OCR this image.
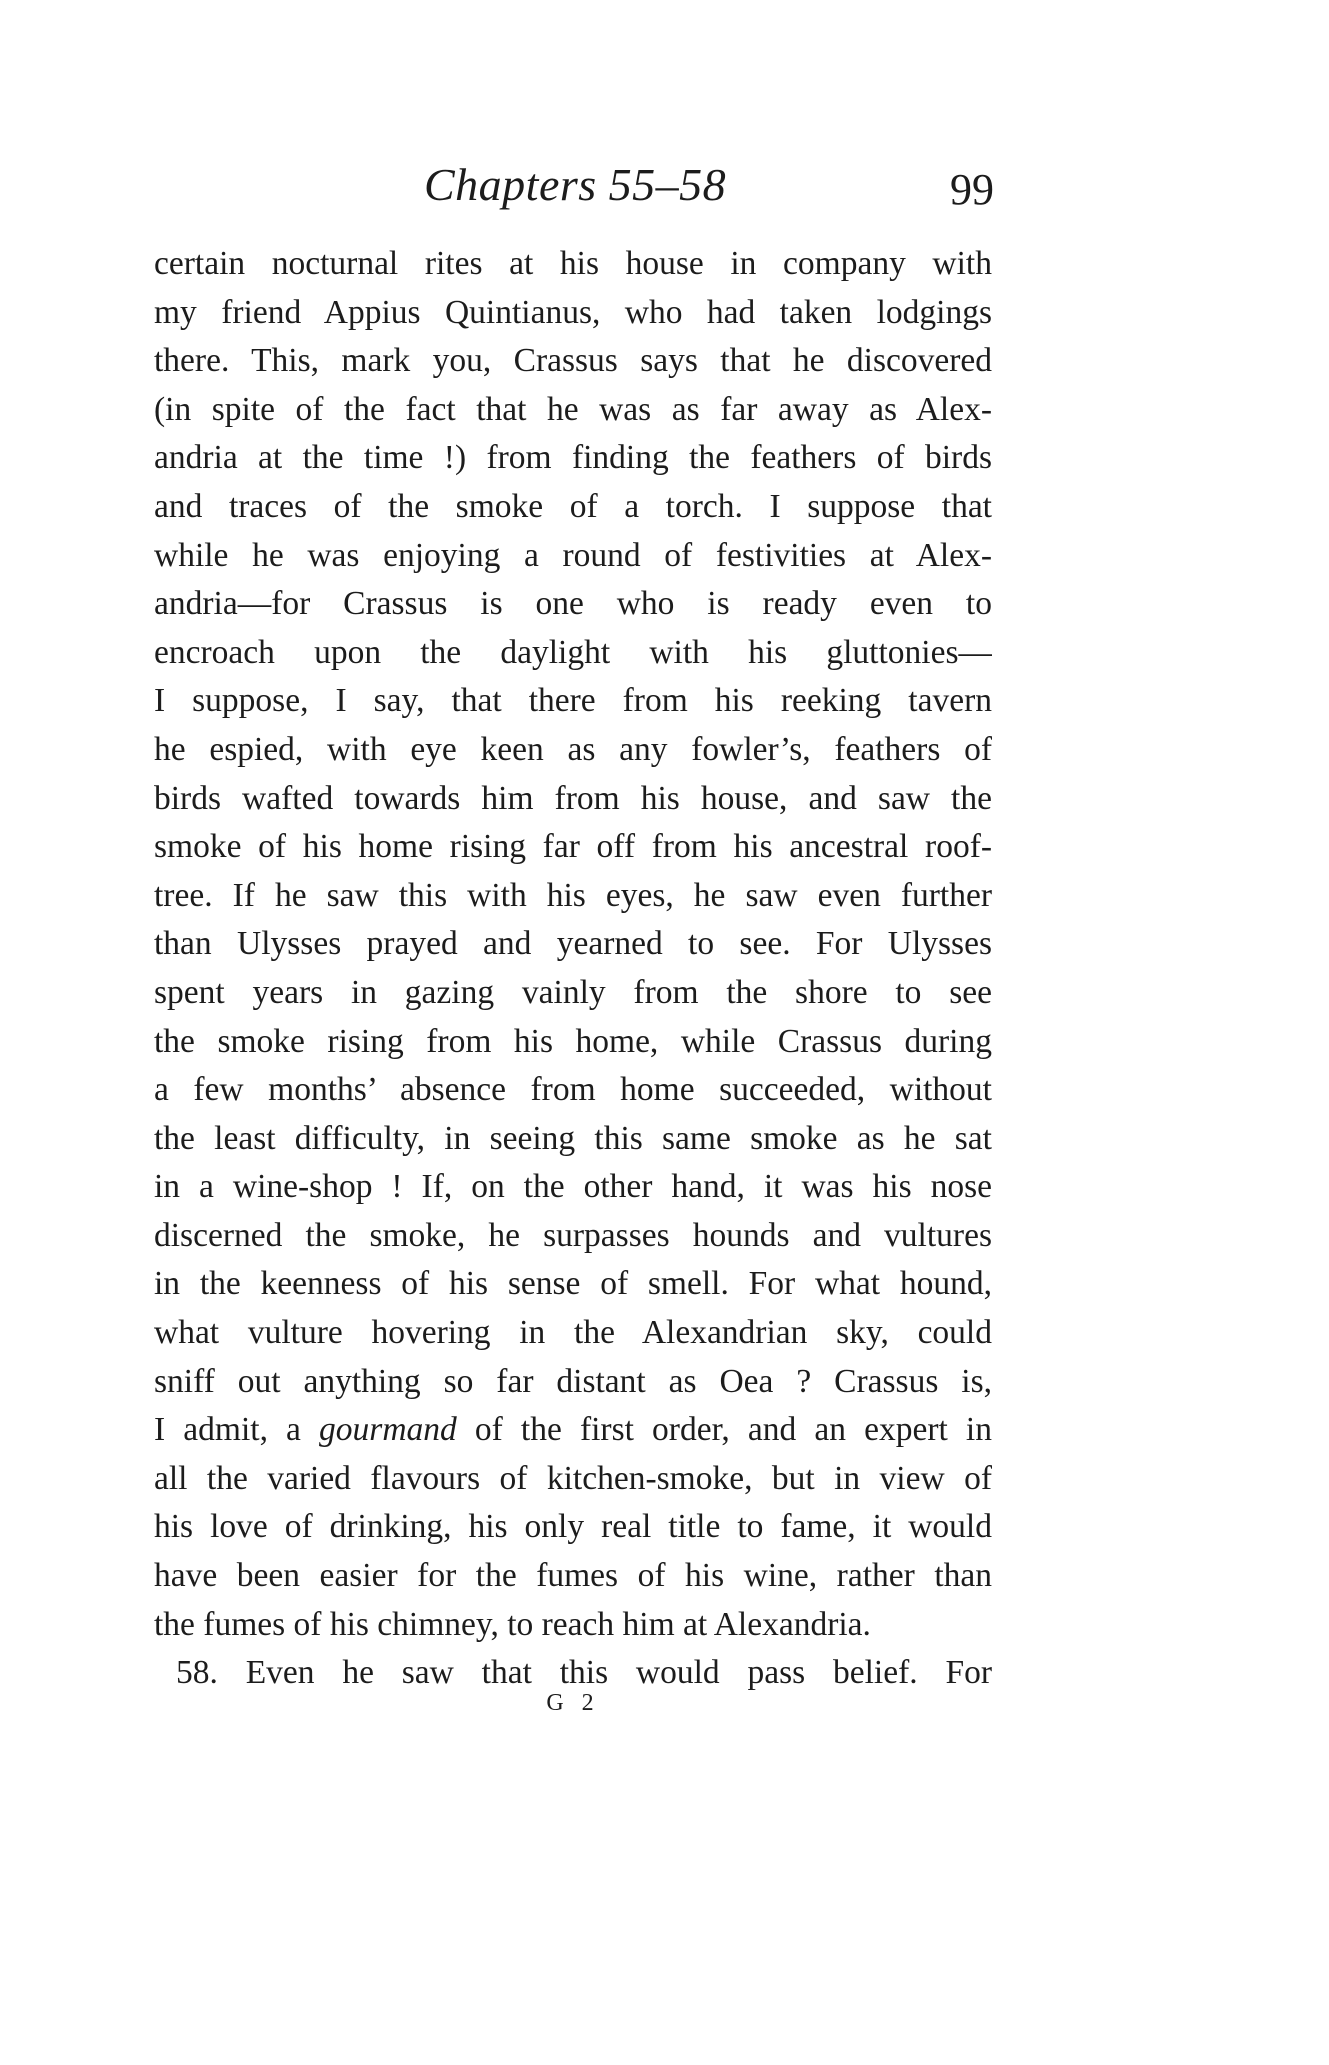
Chapters 55–58	99
certain nocturnal rites at his house in company with
my friend Appius Quintianus, who had taken lodgings
there. This, mark you, Crassus says that he discovered
(in spite of the fact that he was as far away as Alex-
andria at the time !) from finding the feathers of birds
and traces of the smoke of a torch. I suppose that
while he was enjoying a round of festivities at Alex-
andria—for Crassus is one who is ready even to
encroach upon the daylight with his gluttonies—
I suppose, I say, that there from his reeking tavern
he espied, with eye keen as any fowler’s, feathers of
birds wafted towards him from his house, and saw the
smoke of his home rising far off from his ancestral roof-
tree. If he saw this with his eyes, he saw even further
than Ulysses prayed and yearned to see. For Ulysses
spent years in gazing vainly from the shore to see
the smoke rising from his home, while Crassus during
a few months’ absence from home succeeded, without
the least difficulty, in seeing this same smoke as he sat
in a wine-shop ! If, on the other hand, it was his nose
discerned the smoke, he surpasses hounds and vultures
in the keenness of his sense of smell. For what hound,
what vulture hovering in the Alexandrian sky, could
sniff out anything so far distant as Oea ? Crassus is,
I admit, a gourmand of the first order, and an expert in
all the varied flavours of kitchen-smoke, but in view of
his love of drinking, his only real title to fame, it would
have been easier for the fumes of his wine, rather than
the fumes of his chimney, to reach him at Alexandria.
58. Even he saw that this would pass belief. For
G 2
